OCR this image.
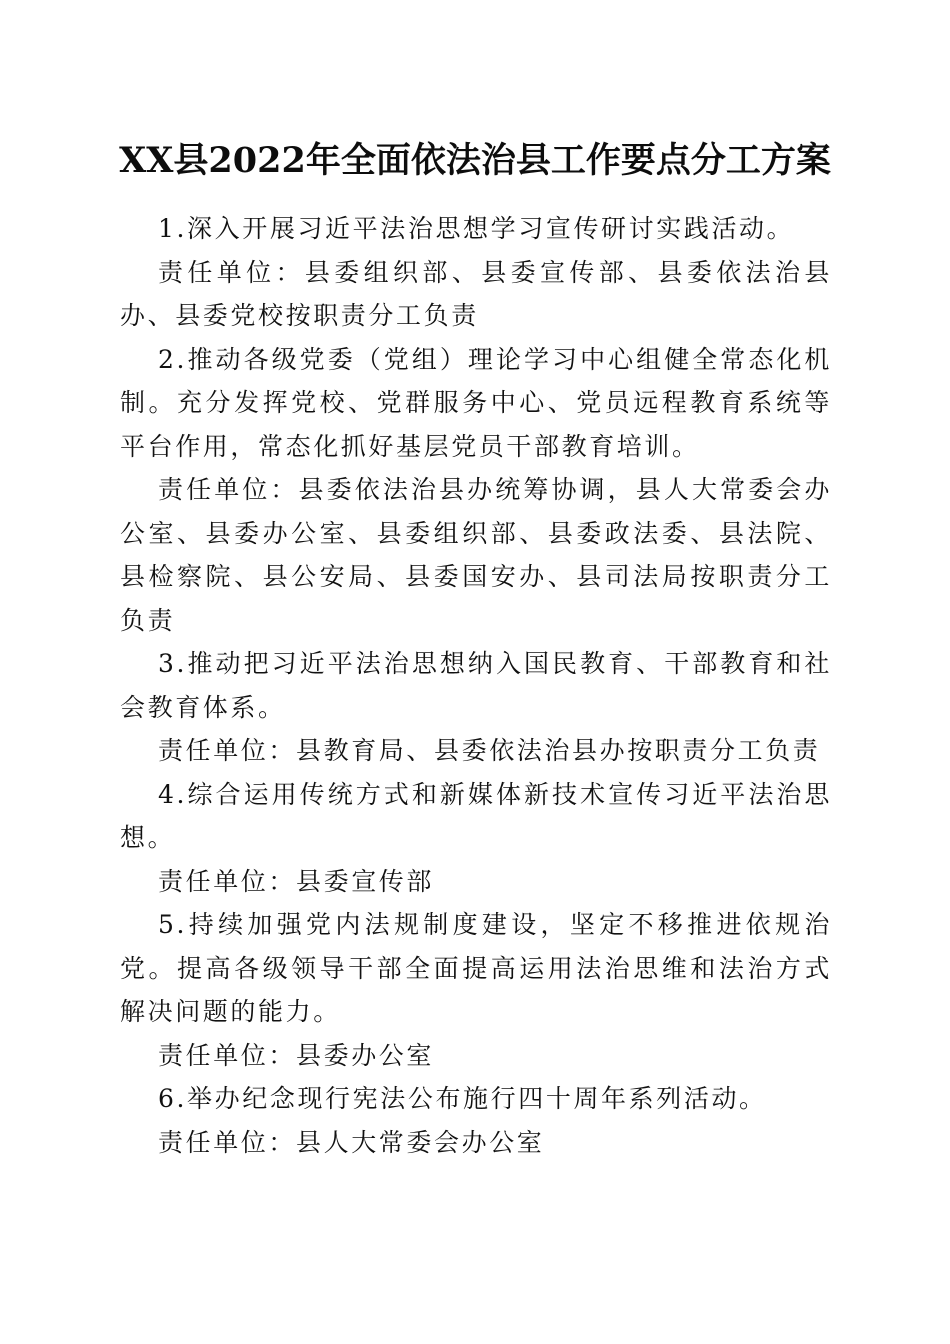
XX县2022年全面依法治县工作要点分工方案

1.深入开展习近平法治思想学习宣传研讨实践活动。

责任单位：县委组织部、县委宣传部、县委依法治县办、县委党校按职责分工负责

2.推动各级党委（党组）理论学习中心组健全常态化机制。充分发挥党校、党群服务中心、党员远程教育系统等平台作用，常态化抓好基层党员干部教育培训。

责任单位：县委依法治县办统筹协调，县人大常委会办公室、县委办公室、县委组织部、县委政法委、县法院、县检察院、县公安局、县委国安办、县司法局按职责分工负责

3.推动把习近平法治思想纳入国民教育、干部教育和社会教育体系。

责任单位：县教育局、县委依法治县办按职责分工负责

4.综合运用传统方式和新媒体新技术宣传习近平法治思想。

责任单位：县委宣传部

5.持续加强党内法规制度建设，坚定不移推进依规治党。提高各级领导干部全面提高运用法治思维和法治方式解决问题的能力。

责任单位：县委办公室

6.举办纪念现行宪法公布施行四十周年系列活动。

责任单位：县人大常委会办公室
